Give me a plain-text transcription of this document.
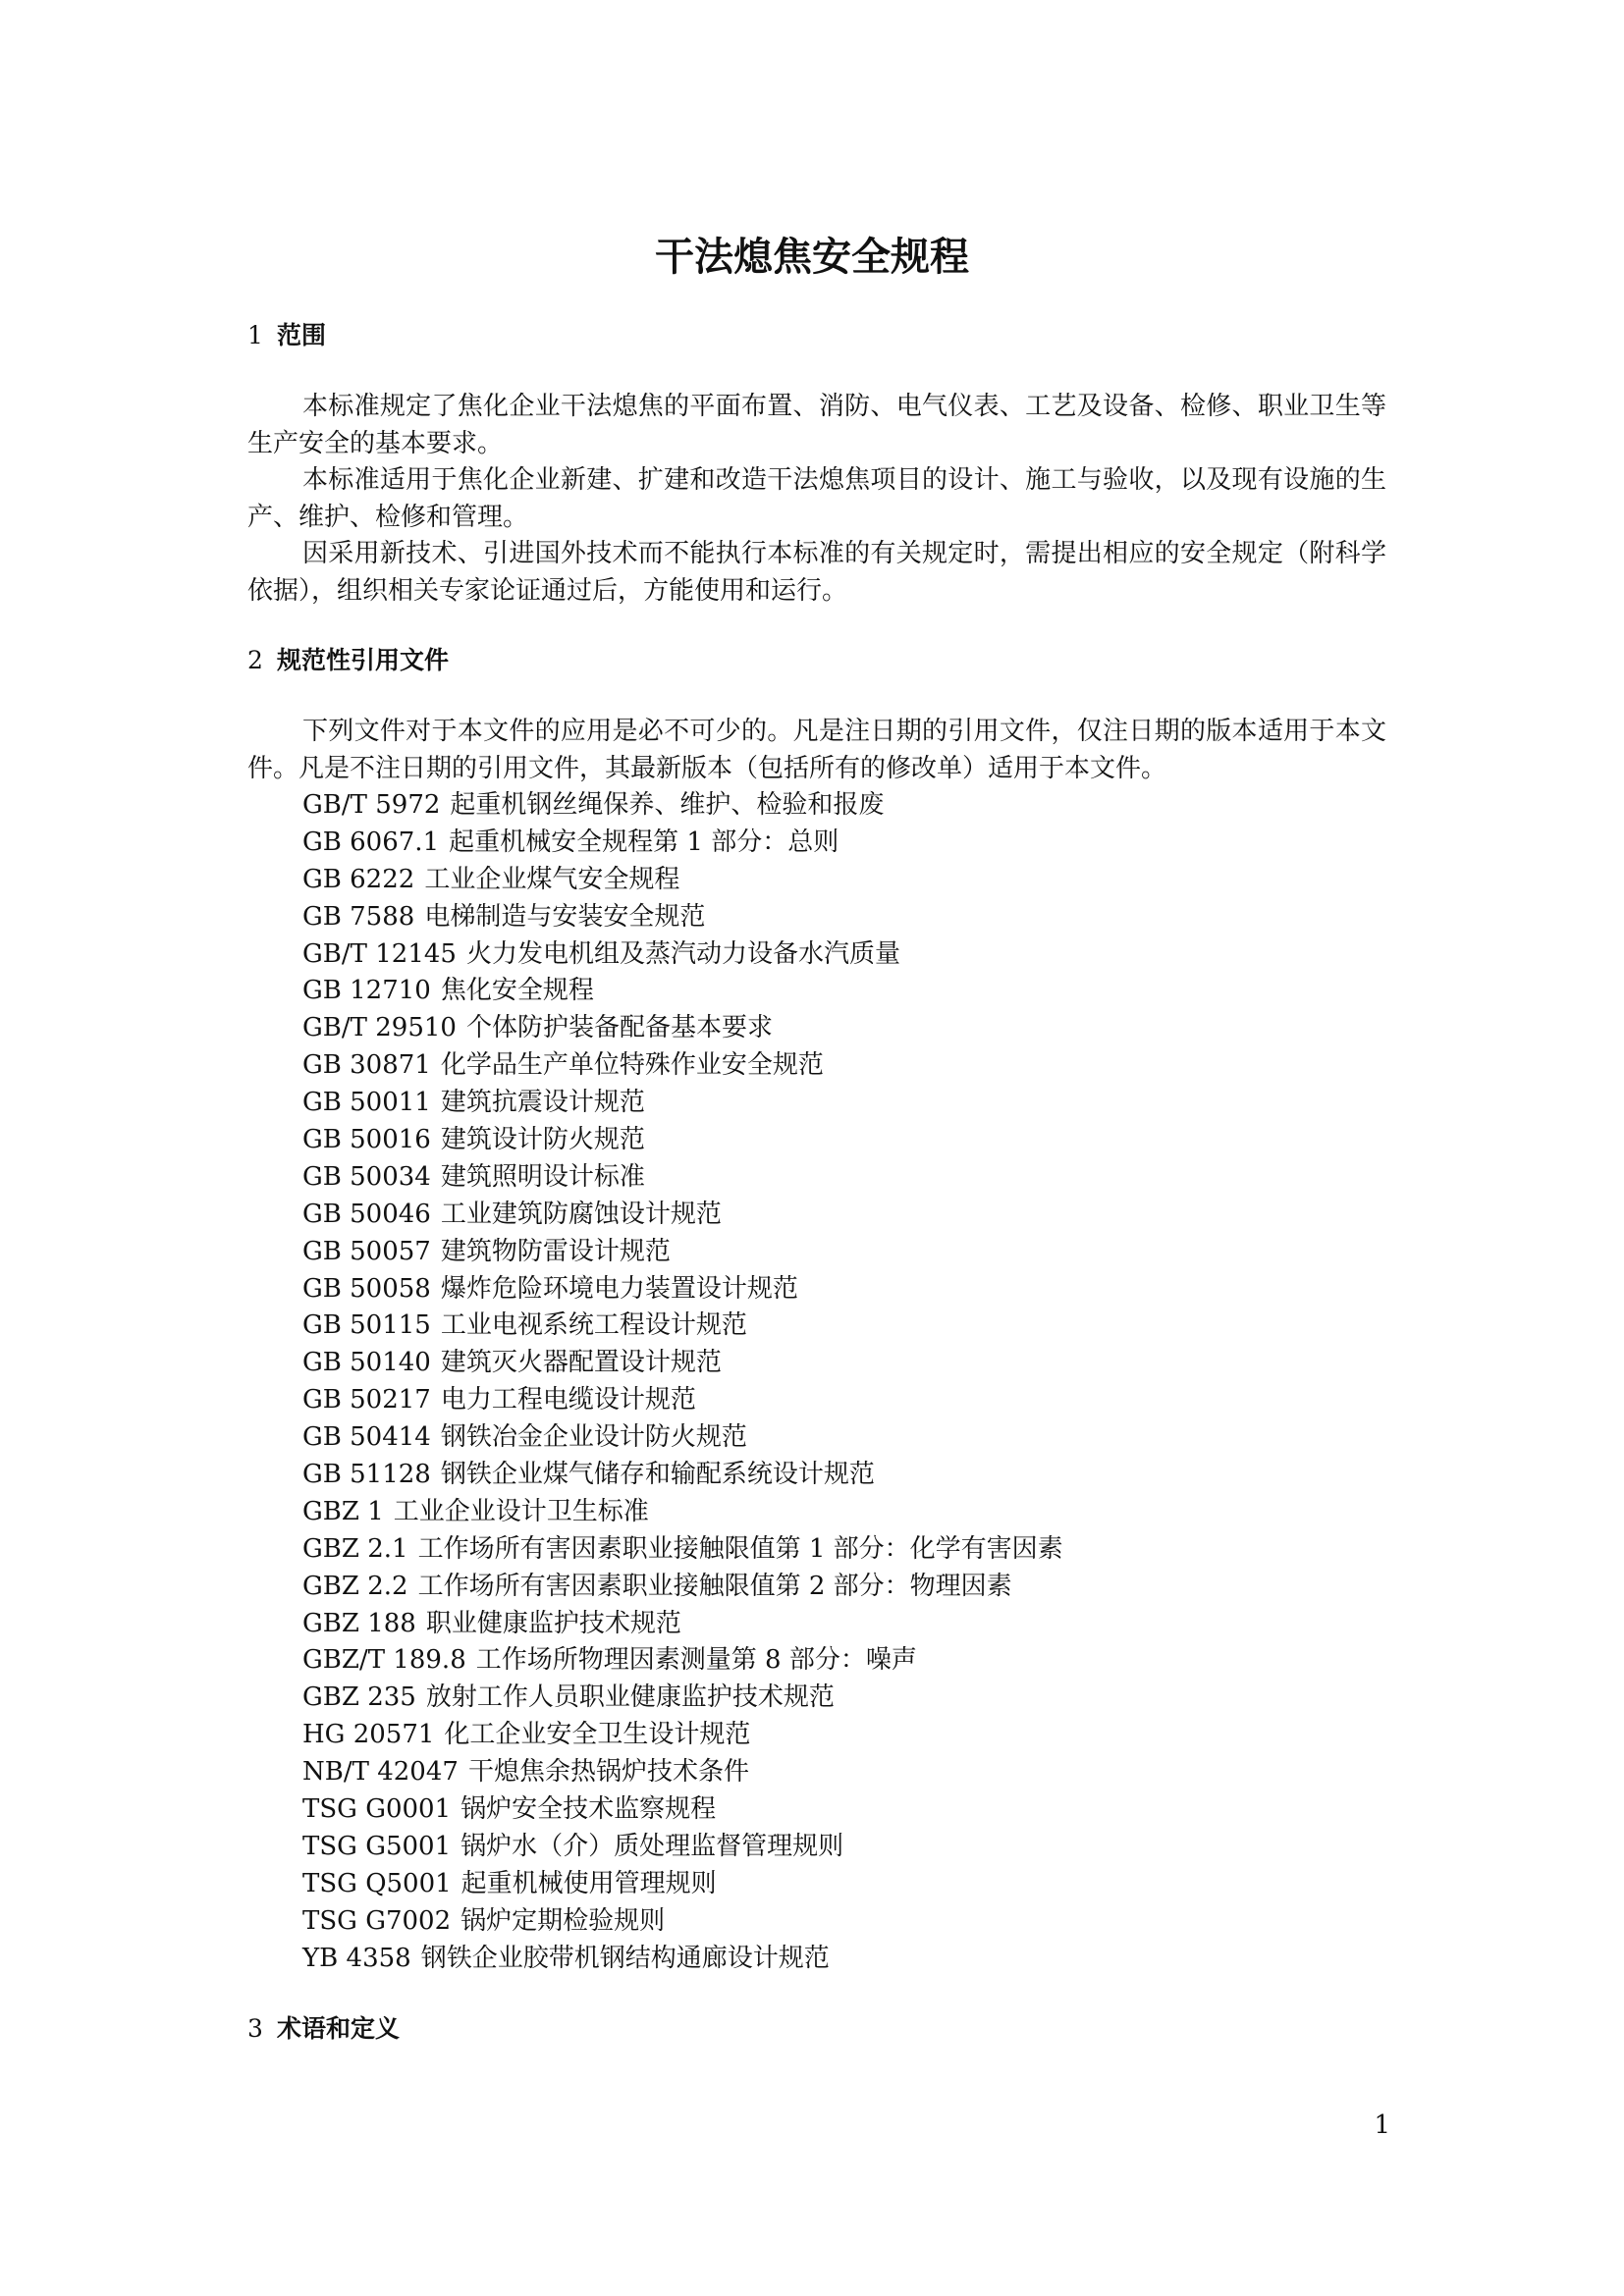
干法熄焦安全规程
1 范围

本标准规定了焦化企业干法熄焦的平面布置、消防、电气仪表、工艺及设备、检修、职业卫生等生产安全的基本要求。

本标准适用于焦化企业新建、扩建和改造干法熄焦项目的设计、施工与验收，以及现有设施的生产、维护、检修和管理。

因采用新技术、引进国外技术而不能执行本标准的有关规定时，需提出相应的安全规定（附科学依据），组织相关专家论证通过后，方能使用和运行。

2 规范性引用文件

下列文件对于本文件的应用是必不可少的。凡是注日期的引用文件，仅注日期的版本适用于本文件。凡是不注日期的引用文件，其最新版本（包括所有的修改单）适用于本文件。

GB/T 5972 起重机钢丝绳保养、维护、检验和报废
GB 6067.1 起重机械安全规程第 1 部分：总则
GB 6222 工业企业煤气安全规程
GB 7588 电梯制造与安装安全规范
GB/T 12145 火力发电机组及蒸汽动力设备水汽质量
GB 12710 焦化安全规程
GB/T 29510 个体防护装备配备基本要求
GB 30871 化学品生产单位特殊作业安全规范
GB 50011 建筑抗震设计规范
GB 50016 建筑设计防火规范
GB 50034 建筑照明设计标准
GB 50046 工业建筑防腐蚀设计规范
GB 50057 建筑物防雷设计规范
GB 50058 爆炸危险环境电力装置设计规范
GB 50115 工业电视系统工程设计规范
GB 50140 建筑灭火器配置设计规范
GB 50217 电力工程电缆设计规范
GB 50414 钢铁冶金企业设计防火规范
GB 51128 钢铁企业煤气储存和输配系统设计规范
GBZ 1 工业企业设计卫生标准
GBZ 2.1 工作场所有害因素职业接触限值第 1 部分：化学有害因素
GBZ 2.2 工作场所有害因素职业接触限值第 2 部分：物理因素
GBZ 188 职业健康监护技术规范
GBZ/T 189.8 工作场所物理因素测量第 8 部分：噪声
GBZ 235 放射工作人员职业健康监护技术规范
HG 20571 化工企业安全卫生设计规范
NB/T 42047 干熄焦余热锅炉技术条件
TSG G0001 锅炉安全技术监察规程
TSG G5001 锅炉水（介）质处理监督管理规则
TSG Q5001 起重机械使用管理规则
TSG G7002 锅炉定期检验规则
YB 4358 钢铁企业胶带机钢结构通廊设计规范
3 术语和定义
1
